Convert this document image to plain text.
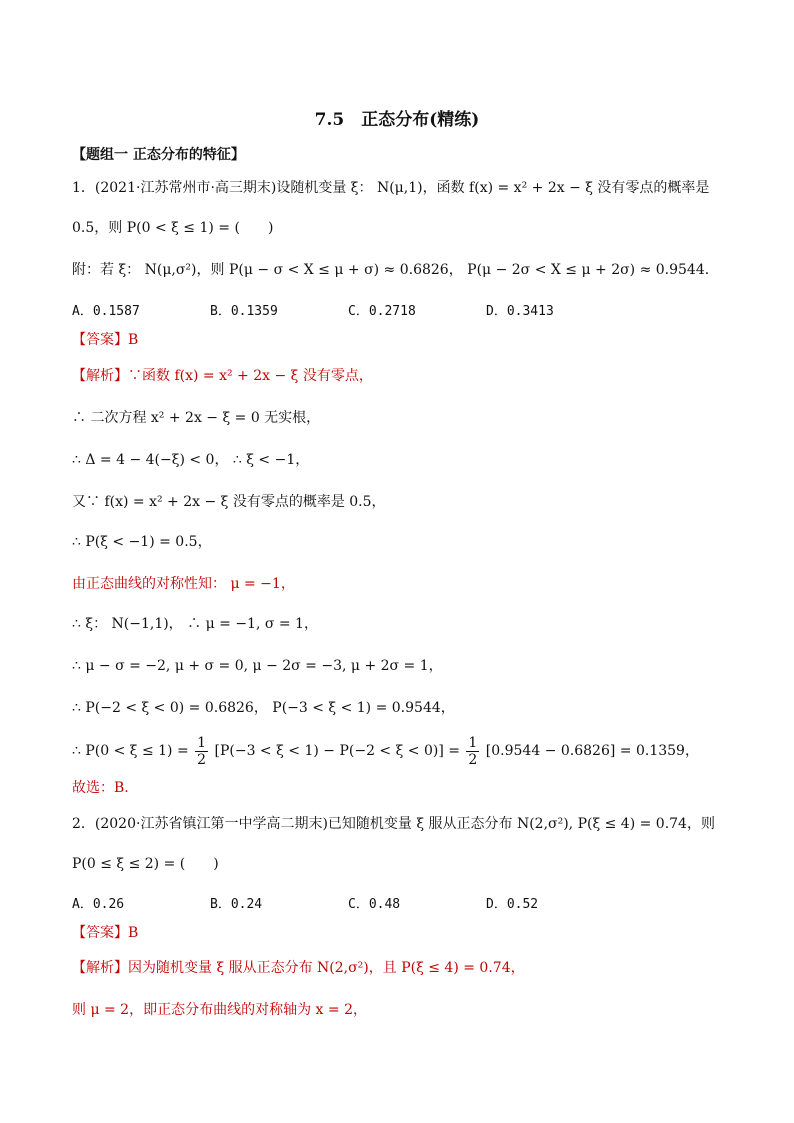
7.5　正态分布(精练)
【题组一 正态分布的特征】
1．(2021·江苏常州市·高三期末)设随机变量 ξ： N(μ,1)，函数 f(x) = x² + 2x − ξ 没有零点的概率是
0.5，则 P(0 < ξ ≤ 1) = (　　)
附：若 ξ： N(μ,σ²)，则 P(μ − σ < X ≤ μ + σ) ≈ 0.6826， P(μ − 2σ < X ≤ μ + 2σ) ≈ 0.9544．
A．0.1587	B．0.1359	C．0.2718	D．0.3413
【答案】B
【解析】∵函数 f(x) = x² + 2x − ξ 没有零点，
∴ 二次方程 x² + 2x − ξ = 0 无实根，
∴ Δ = 4 − 4(−ξ) < 0， ∴ ξ < −1，
又∵ f(x) = x² + 2x − ξ 没有零点的概率是 0.5，
∴ P(ξ < −1) = 0.5，
由正态曲线的对称性知： μ = −1，
∴ ξ： N(−1,1)， ∴ μ = −1, σ = 1，
∴ μ − σ = −2, μ + σ = 0, μ − 2σ = −3, μ + 2σ = 1，
∴ P(−2 < ξ < 0) = 0.6826， P(−3 < ξ < 1) = 0.9544，
∴ $P(0 < \xi \le 1) = \frac{1}{2} [P(-3 < \xi < 1) - P(-2 < \xi < 0)] = \frac{1}{2} [0.9544 - 0.6826] = 0.1359$，
故选：B.
2．(2020·江苏省镇江第一中学高二期末)已知随机变量 ξ 服从正态分布 N(2,σ²), P(ξ ≤ 4) = 0.74，则
P(0 ≤ ξ ≤ 2) = (　　)
A．0.26	B．0.24	C．0.48	D．0.52
【答案】B
【解析】因为随机变量 ξ 服从正态分布 N(2,σ²)，且 P(ξ ≤ 4) = 0.74，
则 μ = 2，即正态分布曲线的对称轴为 x = 2，
